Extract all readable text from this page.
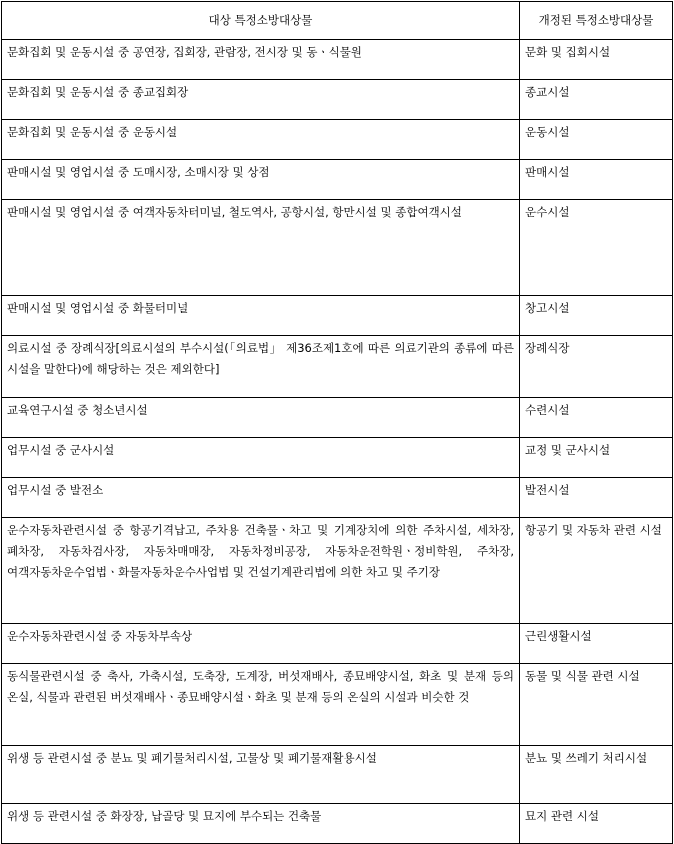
대상 특정소방대상물	개정된 특정소방대상물
문화집회 및 운동시설 중 공연장, 집회장, 관람장, 전시장 및 동ㆍ식물원	문화 및 집회시설
문화집회 및 운동시설 중 종교집회장	종교시설
문화집회 및 운동시설 중 운동시설	운동시설
판매시설 및 영업시설 중 도매시장, 소매시장 및 상점	판매시설
판매시설 및 영업시설 중 여객자동차터미널, 철도역사, 공항시설, 항만시설 및 종합여객시설	운수시설
판매시설 및 영업시설 중 화물터미널	창고시설
의료시설 중 장례식장[의료시설의 부수시설(「의료법」 제36조제1호에 따른 의료기관의 종류에 따른 시설을 말한다)에 해당하는 것은 제외한다]	장례식장
교육연구시설 중 청소년시설	수련시설
업무시설 중 군사시설	교정 및 군사시설
업무시설 중 발전소	발전시설
운수자동차관련시설 중 항공기격납고, 주차용 건축물ㆍ차고 및 기계장치에 의한 주차시설, 세차장, 폐차장, 자동차검사장, 자동차매매장, 자동차정비공장, 자동차운전학원ㆍ정비학원, 주차장, 여객자동차운수업법ㆍ화물자동차운수사업법 및 건설기계관리법에 의한 차고 및 주기장	항공기 및 자동차 관련 시설
운수자동차관련시설 중 자동차부속상	근린생활시설
동식물관련시설 중 축사, 가축시설, 도축장, 도계장, 버섯재배사, 종묘배양시설, 화초 및 분재 등의 온실, 식물과 관련된 버섯재배사ㆍ종묘배양시설ㆍ화초 및 분재 등의 온실의 시설과 비슷한 것	동물 및 식물 관련 시설
위생 등 관련시설 중 분뇨 및 폐기물처리시설, 고물상 및 폐기물재활용시설	분뇨 및 쓰레기 처리시설
위생 등 관련시설 중 화장장, 납골당 및 묘지에 부수되는 건축물	묘지 관련 시설
